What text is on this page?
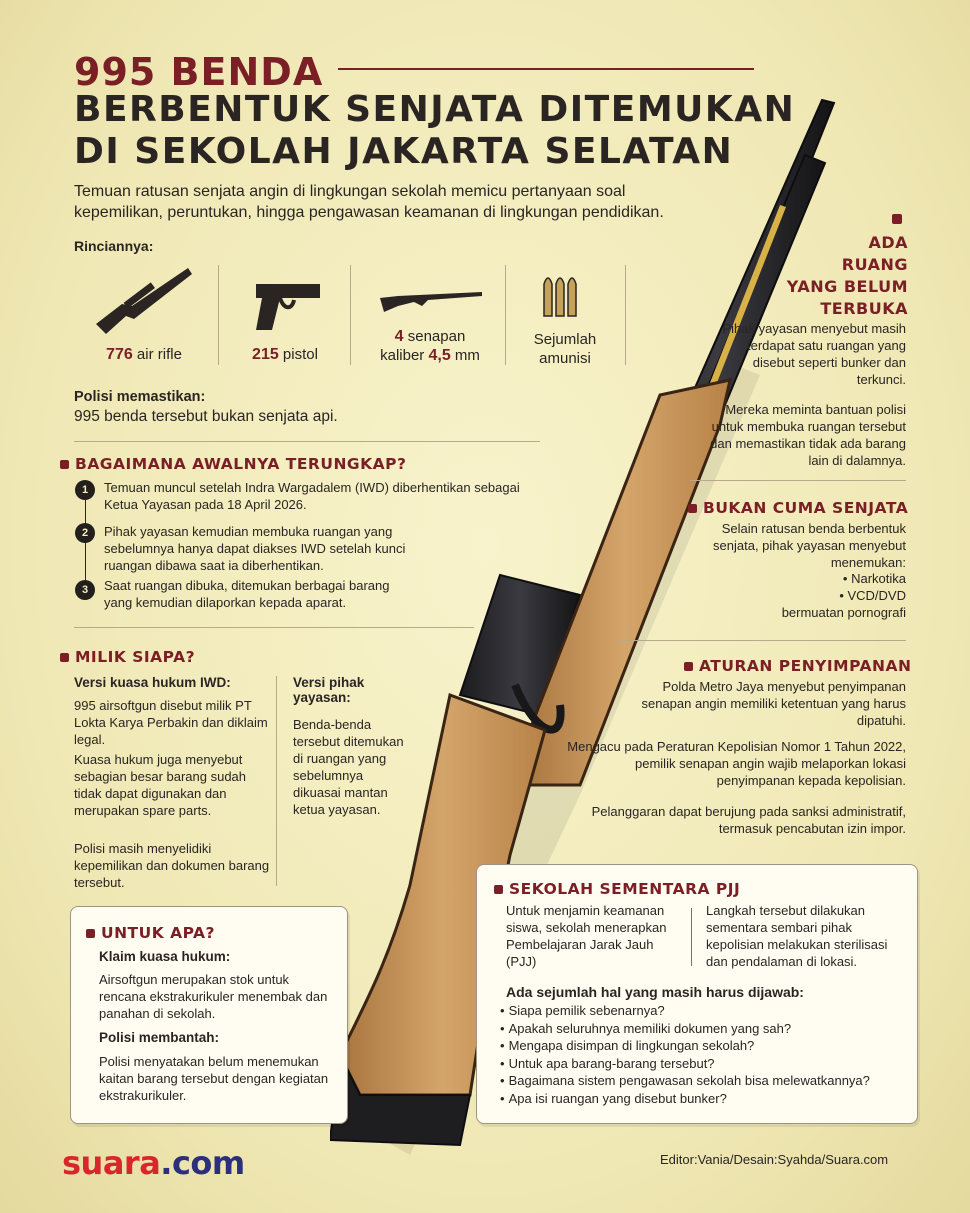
995 BENDA
BERBENTUK SENJATA DITEMUKAN
DI SEKOLAH JAKARTA SELATAN
Temuan ratusan senjata angin di lingkungan sekolah memicu pertanyaan soal kepemilikan, peruntukan, hingga pengawasan keamanan di lingkungan pendidikan.
Rinciannya:
776 air rifle	215 pistol
4 senapan
kaliber 4,5 mm
Sejumlah
amunisi
Polisi memastikan:
995 benda tersebut bukan senjata api.
BAGAIMANA AWALNYA TERUNGKAP?
1	Temuan muncul setelah Indra Wargadalem (IWD) diberhentikan sebagai Ketua Yayasan pada 18 April 2026.
2	Pihak yayasan kemudian membuka ruangan yang sebelumnya hanya dapat diakses IWD setelah kunci ruangan dibawa saat ia diberhentikan.
3	Saat ruangan dibuka, ditemukan berbagai barang yang kemudian dilaporkan kepada aparat.
MILIK SIAPA?
Versi kuasa hukum IWD:
995 airsoftgun disebut milik PT Lokta Karya Perbakin dan diklaim legal.
Kuasa hukum juga menyebut sebagian besar barang sudah tidak dapat digunakan dan merupakan spare parts.
Polisi masih menyelidiki kepemilikan dan dokumen barang tersebut.
Versi pihak yayasan:
Benda-benda tersebut ditemukan di ruangan yang sebelumnya dikuasai mantan ketua yayasan.
UNTUK APA?
Klaim kuasa hukum:
Airsoftgun merupakan stok untuk rencana ekstrakurikuler menembak dan panahan di sekolah.
Polisi membantah:
Polisi menyatakan belum menemukan kaitan barang tersebut dengan kegiatan ekstrakurikuler.
ADA
RUANG
YANG BELUM
TERBUKA
Pihak yayasan menyebut masih terdapat satu ruangan yang disebut seperti bunker dan terkunci.
Mereka meminta bantuan polisi untuk membuka ruangan tersebut dan memastikan tidak ada barang lain di dalamnya.
BUKAN CUMA SENJATA
Selain ratusan benda berbentuk senjata, pihak yayasan menyebut menemukan:
• Narkotika
• VCD/DVD
bermuatan pornografi
ATURAN PENYIMPANAN
Polda Metro Jaya menyebut penyimpanan senapan angin memiliki ketentuan yang harus dipatuhi.
Mengacu pada Peraturan Kepolisian Nomor 1 Tahun 2022, pemilik senapan angin wajib melaporkan lokasi penyimpanan kepada kepolisian.
Pelanggaran dapat berujung pada sanksi administratif, termasuk pencabutan izin impor.
SEKOLAH SEMENTARA PJJ
Untuk menjamin keamanan siswa, sekolah menerapkan Pembelajaran Jarak Jauh (PJJ)
Langkah tersebut dilakukan sementara sembari pihak kepolisian melakukan sterilisasi dan pendalaman di lokasi.
Ada sejumlah hal yang masih harus dijawab:
• Siapa pemilik sebenarnya?
• Apakah seluruhnya memiliki dokumen yang sah?
• Mengapa disimpan di lingkungan sekolah?
• Untuk apa barang-barang tersebut?
• Bagaimana sistem pengawasan sekolah bisa melewatkannya?
• Apa isi ruangan yang disebut bunker?
suara.com	Editor:Vania/Desain:Syahda/Suara.com
